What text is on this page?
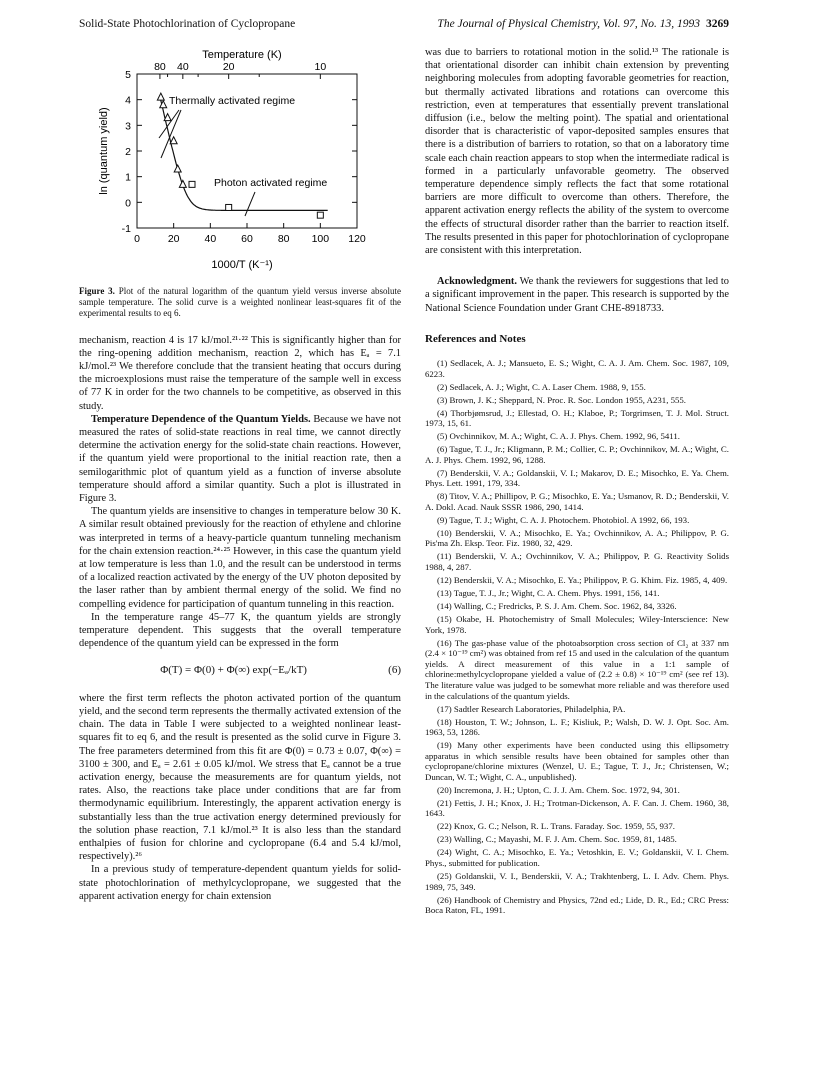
Solid-State Photochlorination of Cyclopropane	The Journal of Physical Chemistry, Vol. 97, No. 13, 1993 3269
0	20 40 60 80 100 120
-1
0
1
2
3
4
5
80 40	20	10
Temperature (K)
ln (quantum yield)
1000/T (K⁻¹)
Thermally activated regime
Photon activated regime
Figure 3. Plot of the natural logarithm of the quantum yield versus inverse absolute sample temperature. The solid curve is a weighted nonlinear least-squares fit of the experimental results to eq 6.

mechanism, reaction 4 is 17 kJ/mol.²¹·²² This is significantly higher than for the ring-opening addition mechanism, reaction 2, which has Eₐ = 7.1 kJ/mol.²³ We therefore conclude that the transient heating that occurs during the microexplosions must raise the temperature of the sample well in excess of 77 K in order for the two channels to be competitive, as observed in this study.

Temperature Dependence of the Quantum Yields. Because we have not measured the rates of solid-state reactions in real time, we cannot directly determine the activation energy for the solid-state chain reactions. However, if the quantum yield were proportional to the initial reaction rate, then a semilogarithmic plot of quantum yield as a function of inverse absolute temperature should afford a similar quantity. Such a plot is illustrated in Figure 3.

The quantum yields are insensitive to changes in temperature below 30 K. A similar result obtained previously for the reaction of ethylene and chlorine was interpreted in terms of a heavy-particle quantum tunneling mechanism for the chain extension reaction.²⁴·²⁵ However, in this case the quantum yield at low temperature is less than 1.0, and the result can be understood in terms of a localized reaction activated by the energy of the UV photon deposited by the laser rather than by ambient thermal energy of the solid. We find no compelling evidence for participation of quantum tunneling in this reaction.

In the temperature range 45–77 K, the quantum yields are strongly temperature dependent. This suggests that the overall temperature dependence of the quantum yield can be expressed in the form

Φ(T) = Φ(0) + Φ(∞) exp(−Eₐ/kT)	(6)

where the first term reflects the photon activated portion of the quantum yield, and the second term represents the thermally activated extension of the chain. The data in Table I were subjected to a weighted nonlinear least-squares fit to eq 6, and the result is presented as the solid curve in Figure 3. The free parameters determined from this fit are Φ(0) = 0.73 ± 0.07, Φ(∞) = 3100 ± 300, and Eₐ = 2.61 ± 0.05 kJ/mol. We stress that Eₐ cannot be a true activation energy, because the measurements are for quantum yields, not rates. Also, the reactions take place under conditions that are far from thermodynamic equilibrium. Interestingly, the apparent activation energy is substantially less than the true activation energy determined previously for the solution phase reaction, 7.1 kJ/mol.²³ It is also less than the standard enthalpies of fusion for chlorine and cyclopropane (6.4 and 5.4 kJ/mol, respectively).²⁶

In a previous study of temperature-dependent quantum yields for solid-state photochlorination of methylcyclopropane, we suggested that the apparent activation energy for chain extension

was due to barriers to rotational motion in the solid.¹³ The rationale is that orientational disorder can inhibit chain extension by preventing neighboring molecules from adopting favorable geometries for reaction, but thermally activated librations and rotations can overcome this restriction, even at temperatures that essentially prevent translational diffusion (i.e., below the melting point). The spatial and orientational disorder that is characteristic of vapor-deposited samples ensures that there is a distribution of barriers to rotation, so that on a laboratory time scale each chain reaction appears to stop when the intermediate radical is formed in a particularly unfavorable geometry. The observed temperature dependence simply reflects the fact that some rotational barriers are more difficult to overcome than others. Therefore, the apparent activation energy reflects the ability of the system to overcome the effects of structural disorder rather than the barrier to reaction itself. The results presented in this paper for photochlorination of cyclopropane are consistent with this interpretation.

Acknowledgment. We thank the reviewers for suggestions that led to a significant improvement in the paper. This research is supported by the National Science Foundation under Grant CHE-8918733.

References and Notes
(1) Sedlacek, A. J.; Mansueto, E. S.; Wight, C. A. J. Am. Chem. Soc. 1987, 109, 6223.
(2) Sedlacek, A. J.; Wight, C. A. Laser Chem. 1988, 9, 155.
(3) Brown, J. K.; Sheppard, N. Proc. R. Soc. London 1955, A231, 555.
(4) Thorbjømsrud, J.; Ellestad, O. H.; Klaboe, P.; Torgrimsen, T. J. Mol. Struct. 1973, 15, 61.
(5) Ovchinnikov, M. A.; Wight, C. A. J. Phys. Chem. 1992, 96, 5411.
(6) Tague, T. J., Jr.; Kligmann, P. M.; Collier, C. P.; Ovchinnikov, M. A.; Wight, C. A. J. Phys. Chem. 1992, 96, 1288.
(7) Benderskii, V. A.; Goldanskii, V. I.; Makarov, D. E.; Misochko, E. Ya. Chem. Phys. Lett. 1991, 179, 334.
(8) Titov, V. A.; Phillipov, P. G.; Misochko, E. Ya.; Usmanov, R. D.; Benderskii, V. A. Dokl. Acad. Nauk SSSR 1986, 290, 1414.
(9) Tague, T. J.; Wight, C. A. J. Photochem. Photobiol. A 1992, 66, 193.
(10) Benderskii, V. A.; Misochko, E. Ya.; Ovchinnikov, A. A.; Philippov, P. G. Pis'ma Zh. Eksp. Teor. Fiz. 1980, 32, 429.
(11) Benderskii, V. A.; Ovchinnikov, V. A.; Philippov, P. G. Reactivity Solids 1988, 4, 287.
(12) Benderskii, V. A.; Misochko, E. Ya.; Philippov, P. G. Khim. Fiz. 1985, 4, 409.
(13) Tague, T. J., Jr.; Wight, C. A. Chem. Phys. 1991, 156, 141.
(14) Walling, C.; Fredricks, P. S. J. Am. Chem. Soc. 1962, 84, 3326.
(15) Okabe, H. Photochemistry of Small Molecules; Wiley-Interscience: New York, 1978.
(16) The gas-phase value of the photoabsorption cross section of Cl₂ at 337 nm (2.4 × 10⁻¹⁹ cm²) was obtained from ref 15 and used in the calculation of the quantum yields. A direct measurement of this value in a 1:1 sample of chlorine:methylcyclopropane yielded a value of (2.2 ± 0.8) × 10⁻¹⁹ cm² (see ref 13). The literature value was judged to be somewhat more reliable and was therefore used in the calculations of the quantum yields.
(17) Sadtler Research Laboratories, Philadelphia, PA.
(18) Houston, T. W.; Johnson, L. F.; Kisliuk, P.; Walsh, D. W. J. Opt. Soc. Am. 1963, 53, 1286.
(19) Many other experiments have been conducted using this ellipsometry apparatus in which sensible results have been obtained for samples other than cyclopropane/chlorine mixtures (Wenzel, U. E.; Tague, T. J., Jr.; Christensen, W.; Duncan, W. T.; Wight, C. A., unpublished).
(20) Incremona, J. H.; Upton, C. J. J. Am. Chem. Soc. 1972, 94, 301.
(21) Fettis, J. H.; Knox, J. H.; Trotman-Dickenson, A. F. Can. J. Chem. 1960, 38, 1643.
(22) Knox, G. C.; Nelson, R. L. Trans. Faraday. Soc. 1959, 55, 937.
(23) Walling, C.; Mayashi, M. F. J. Am. Chem. Soc. 1959, 81, 1485.
(24) Wight, C. A.; Misochko, E. Ya.; Vetoshkin, E. V.; Goldanskii, V. I. Chem. Phys., submitted for publication.
(25) Goldanskii, V. I., Benderskii, V. A.; Trakhtenberg, L. I. Adv. Chem. Phys. 1989, 75, 349.
(26) Handbook of Chemistry and Physics, 72nd ed.; Lide, D. R., Ed.; CRC Press: Boca Raton, FL, 1991.
